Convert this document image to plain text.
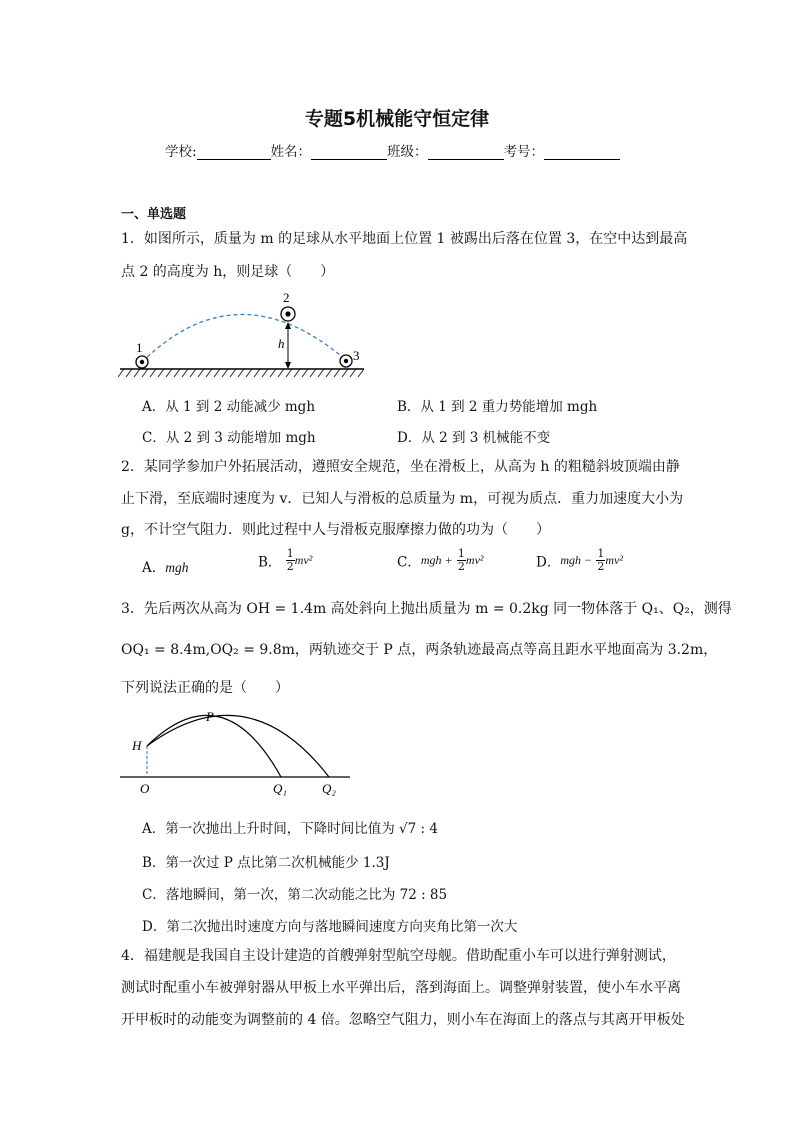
专题5机械能守恒定律
学校:	姓名：	班级：	考号：
一、单选题
1．如图所示，质量为 m 的足球从水平地面上位置 1 被踢出后落在位置 3，在空中达到最高
点 2 的高度为 h，则足球（　　）
1
2
3
h
A．从 1 到 2 动能减少 mgh	B．从 1 到 2 重力势能增加 mgh
C．从 2 到 3 动能增加 mgh	D．从 2 到 3 机械能不变
2．某同学参加户外拓展活动，遵照安全规范，坐在滑板上，从高为 h 的粗糙斜坡顶端由静
止下滑，至底端时速度为 v．已知人与滑板的总质量为 m，可视为质点．重力加速度大小为
g，不计空气阻力．则此过程中人与滑板克服摩擦力做的功为（　　）
A．mgh	B． $\frac{1}{2} mv^2$	C．mgh + $\frac{1}{2} mv^2$	D．mgh − $\frac{1}{2} mv^2$
3．先后两次从高为 OH = 1.4m 高处斜向上抛出质量为 m = 0.2kg 同一物体落于 Q₁、Q₂，测得
OQ₁ = 8.4m,OQ₂ = 9.8m，两轨迹交于 P 点，两条轨迹最高点等高且距水平地面高为 3.2m，
下列说法正确的是（　　）
H
P
O	Q₁	Q₂
A．第一次抛出上升时间，下降时间比值为 √7 : 4
B．第一次过 P 点比第二次机械能少 1.3J
C．落地瞬间，第一次，第二次动能之比为 72 : 85
D．第二次抛出时速度方向与落地瞬间速度方向夹角比第一次大
4．福建舰是我国自主设计建造的首艘弹射型航空母舰。借助配重小车可以进行弹射测试，
测试时配重小车被弹射器从甲板上水平弹出后，落到海面上。调整弹射装置，使小车水平离
开甲板时的动能变为调整前的 4 倍。忽略空气阻力，则小车在海面上的落点与其离开甲板处
